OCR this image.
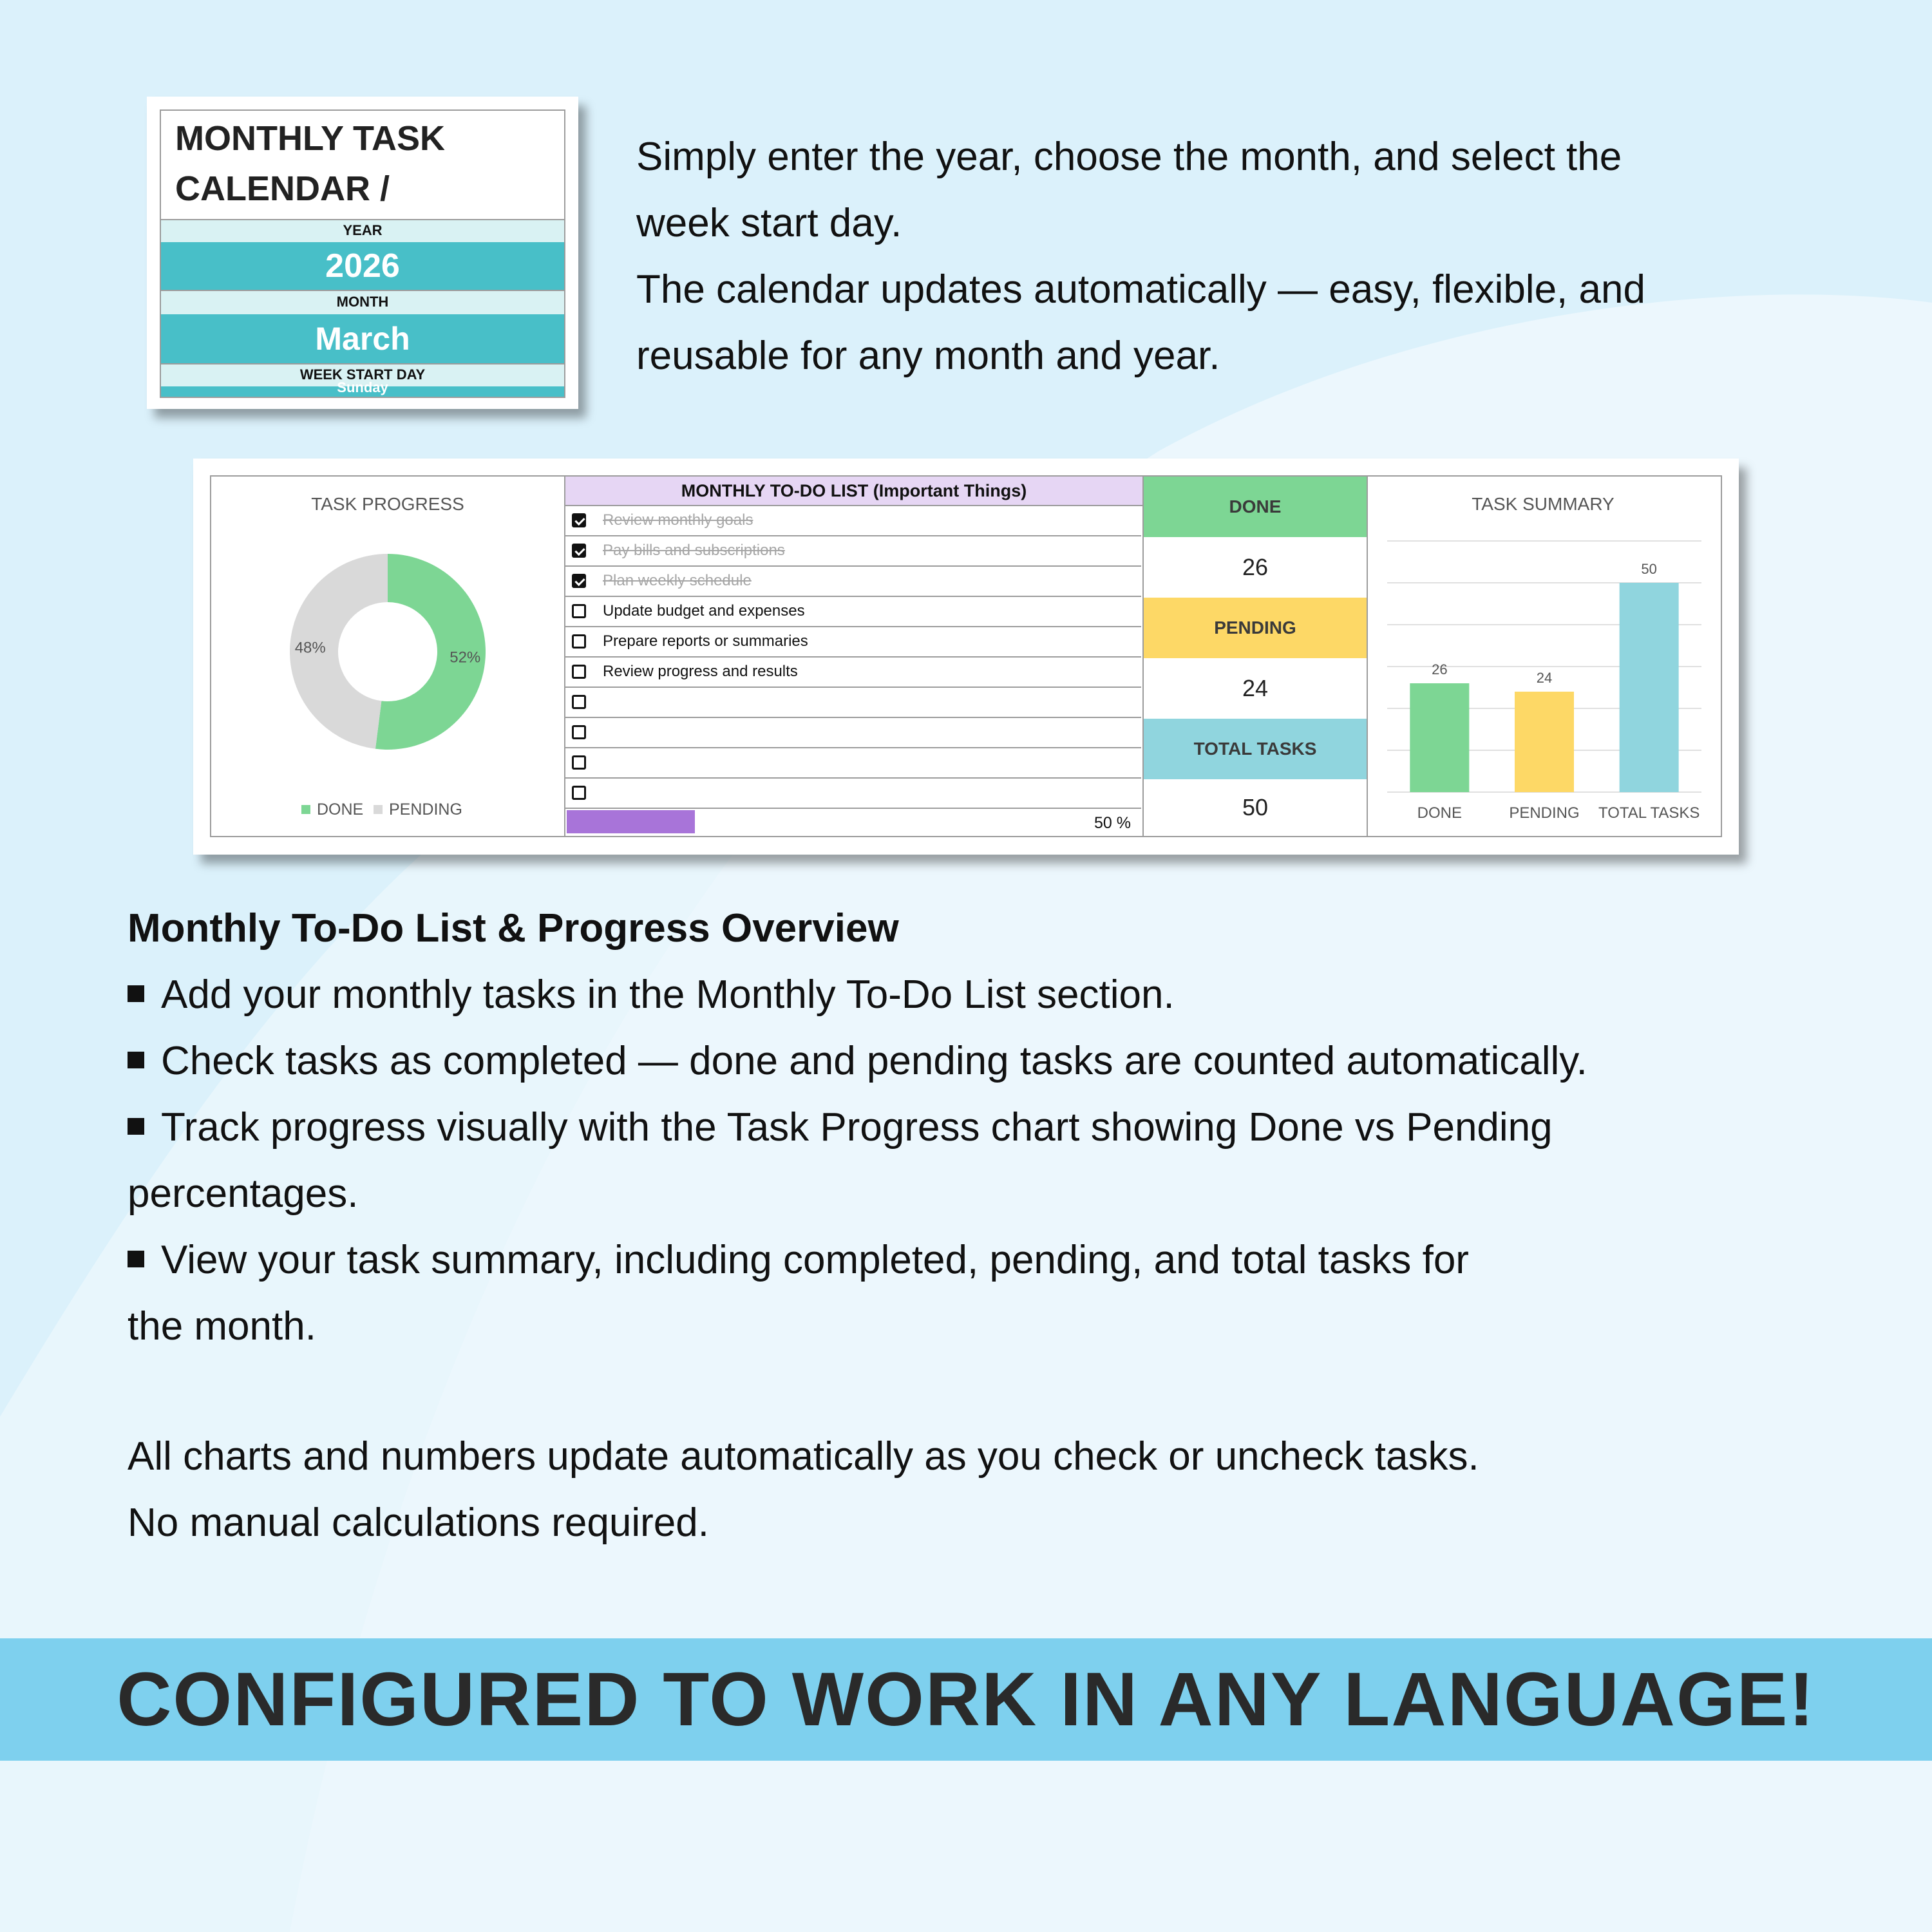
MONTHLY TASK
CALENDAR /
YEAR
2026
MONTH
March
WEEK START DAY
Sunday

Simply enter the year, choose the month, and select the

week start day.

The calendar updates automatically — easy, flexible, and

reusable for any month and year.

TASK PROGRESS
52%
48%
DONE PENDING
MONTHLY TO-DO LIST (Important Things)
Review monthly goals
Pay bills and subscriptions
Plan weekly schedule
Update budget and expenses
Prepare reports or summaries
Review progress and results
50 %
DONE
26
PENDING
24
TOTAL TASKS
50
TASK SUMMARY
26
DONE
24
PENDING
50
TOTAL TASKS
Monthly To-Do List & Progress Overview

Add your monthly tasks in the Monthly To-Do List section.

Check tasks as completed — done and pending tasks are counted automatically.

Track progress visually with the Task Progress chart showing Done vs Pending

percentages.

View your task summary, including completed, pending, and total tasks for

the month.

All charts and numbers update automatically as you check or uncheck tasks.

No manual calculations required.

CONFIGURED TO WORK IN ANY LANGUAGE!
